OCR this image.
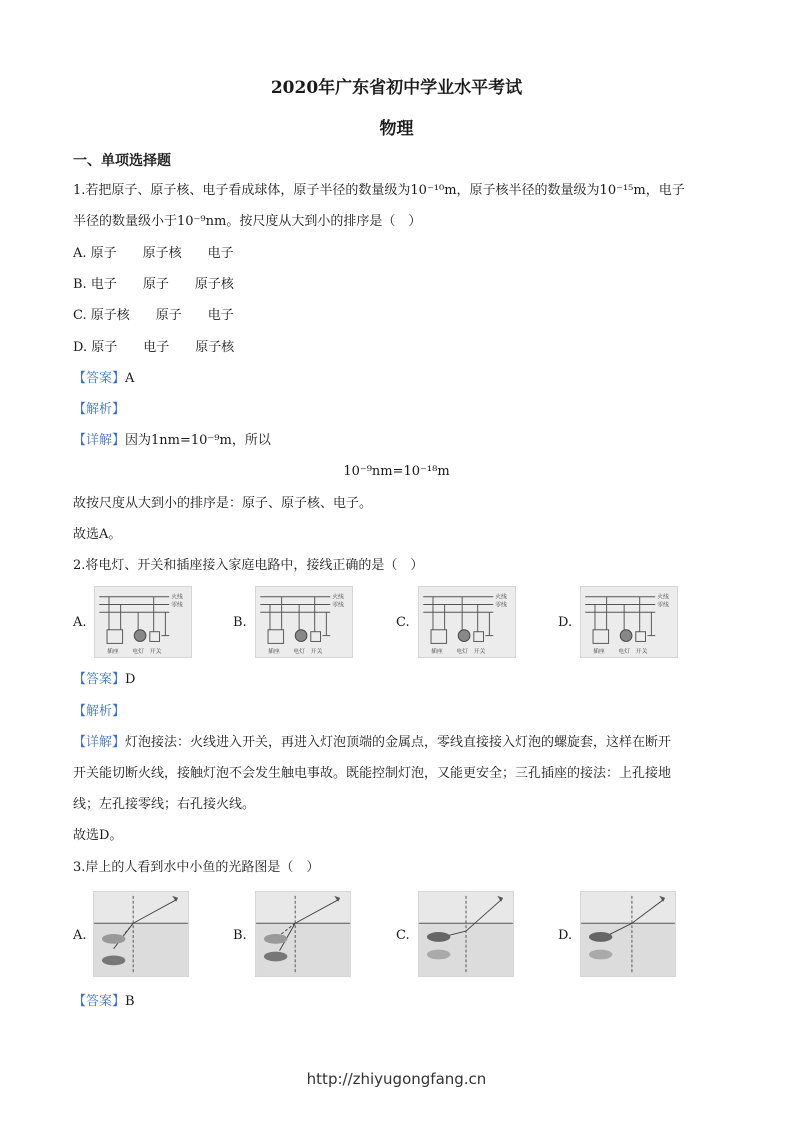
2020年广东省初中学业水平考试
物理
一、单项选择题
1.若把原子、原子核、电子看成球体，原子半径的数量级为10⁻¹⁰m，原子核半径的数量级为10⁻¹⁵m，电子
半径的数量级小于10⁻⁹nm。按尺度从大到小的排序是（　）
A. 原子　　原子核　　电子
B. 电子　　原子　　原子核
C. 原子核　　原子　　电子
D. 原子　　电子　　原子核
【答案】A
【解析】
【详解】因为1nm=10⁻⁹m，所以
10⁻⁹nm=10⁻¹⁸m
故按尺度从大到小的排序是：原子、原子核、电子。
故选A。
2.将电灯、开关和插座接入家庭电路中，接线正确的是（　）
A.	B.	C.	D.
火线
零线
插座 电灯 开关
火线
零线
插座 电灯 开关
火线
零线
插座 电灯 开关
火线
零线
插座 电灯 开关
【答案】D
【解析】
【详解】灯泡接法：火线进入开关，再进入灯泡顶端的金属点，零线直接接入灯泡的螺旋套，这样在断开
开关能切断火线，接触灯泡不会发生触电事故。既能控制灯泡，又能更安全；三孔插座的接法：上孔接地
线；左孔接零线；右孔接火线。
故选D。
3.岸上的人看到水中小鱼的光路图是（　）
A.	B.	C.	D.
【答案】B
http://zhiyugongfang.cn
